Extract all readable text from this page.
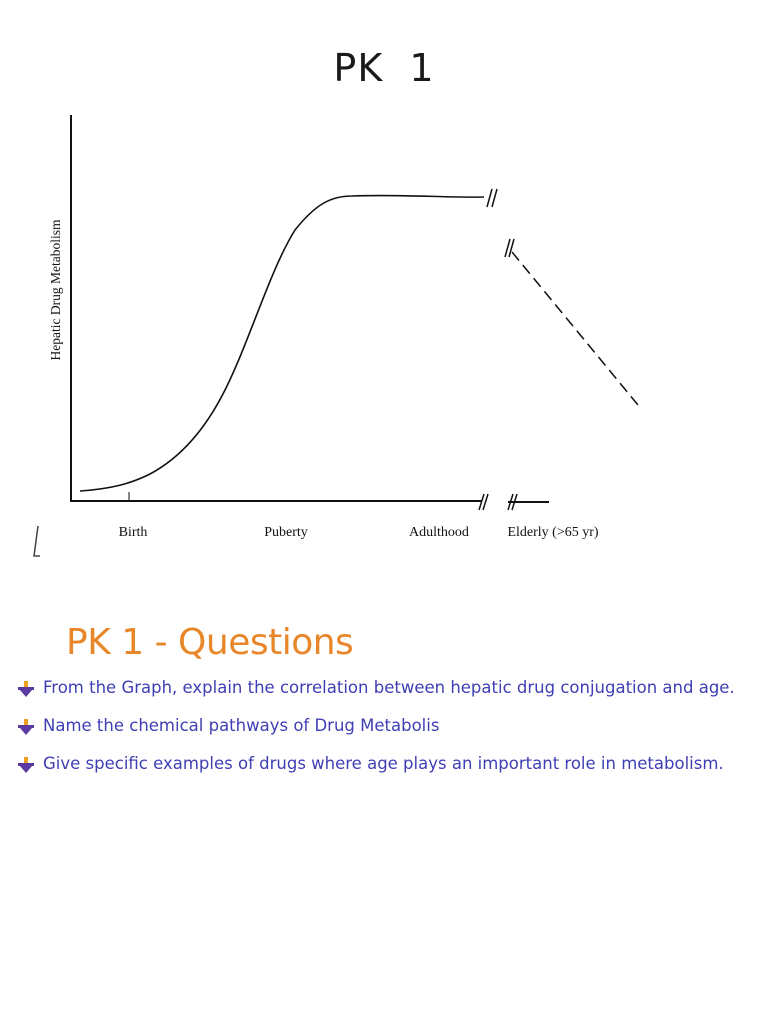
PK  1
Hepatic Drug Metabolism
Birth	Puberty	Adulthood	Elderly (>65 yr)
PK 1 - Questions
From the Graph, explain the correlation between hepatic drug conjugation and age.
Name the chemical pathways of Drug Metabolis
Give specific examples of drugs where age plays an important role in metabolism.
